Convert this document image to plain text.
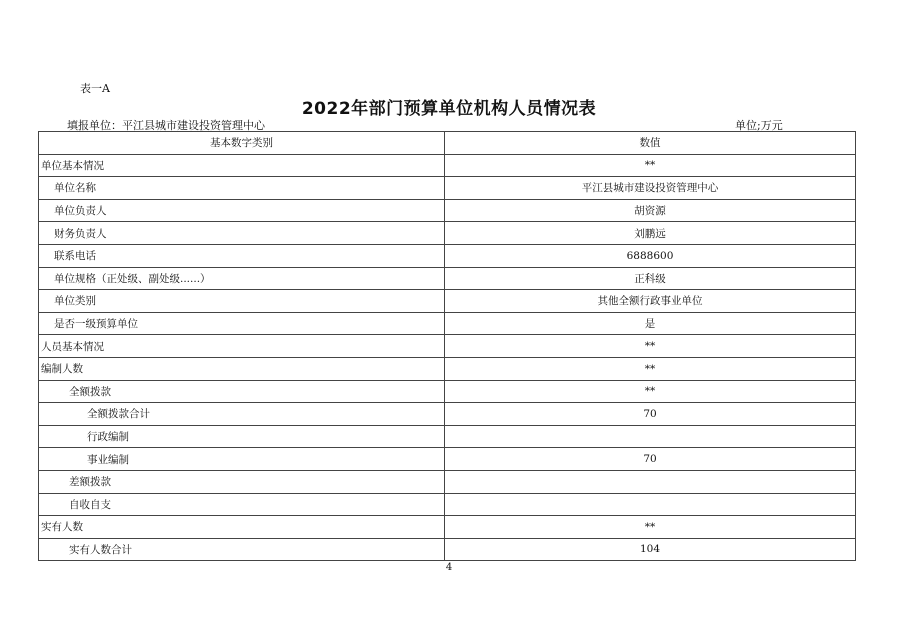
表一A
2022年部门预算单位机构人员情况表
填报单位：平江县城市建设投资管理中心	单位;万元
基本数字类别	数值
单位基本情况	**
单位名称	平江县城市建设投资管理中心
单位负责人	胡资源
财务负责人	刘鹏远
联系电话	6888600
单位规格（正处级、副处级......）	正科级
单位类别	其他全额行政事业单位
是否一级预算单位	是
人员基本情况	**
编制人数	**
全额拨款	**
全额拨款合计	70
行政编制	
事业编制	70
差额拨款	
自收自支	
实有人数	**
实有人数合计	104
4
